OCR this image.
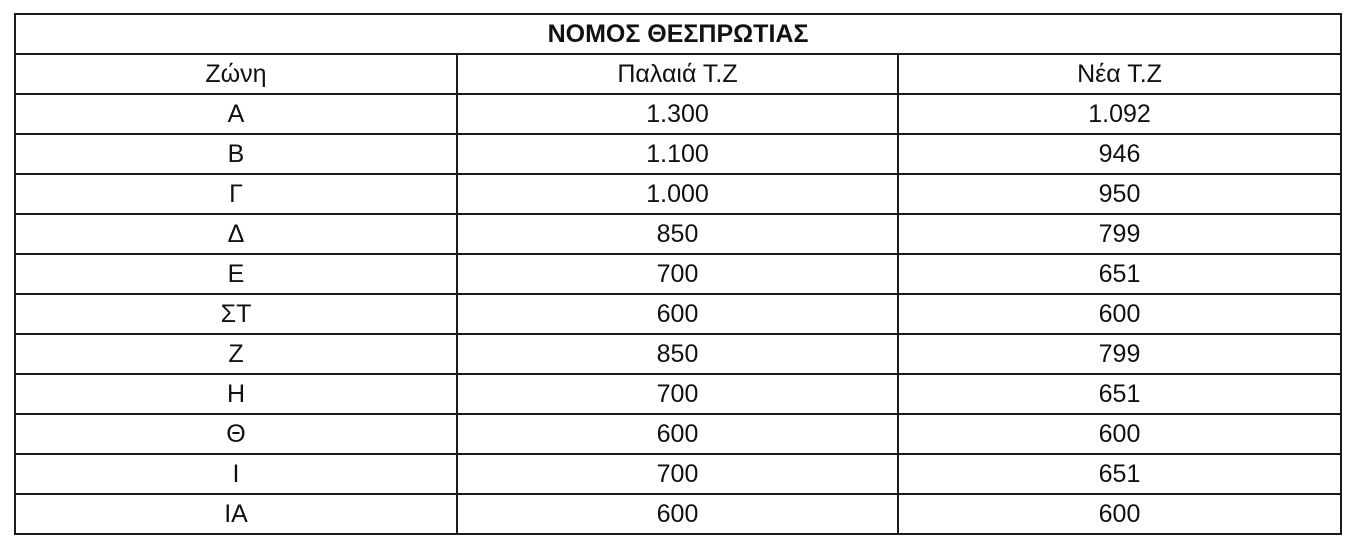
ΝΟΜΟΣ ΘΕΣΠΡΩΤΙΑΣ		
Ζώνη	Παλαιά Τ.Ζ	Νέα Τ.Ζ
Α	1.300	1.092
Β	1.100	946
Γ	1.000	950
Δ	850	799
Ε	700	651
ΣΤ	600	600
Ζ	850	799
Η	700	651
Θ	600	600
Ι	700	651
ΙΑ	600	600
